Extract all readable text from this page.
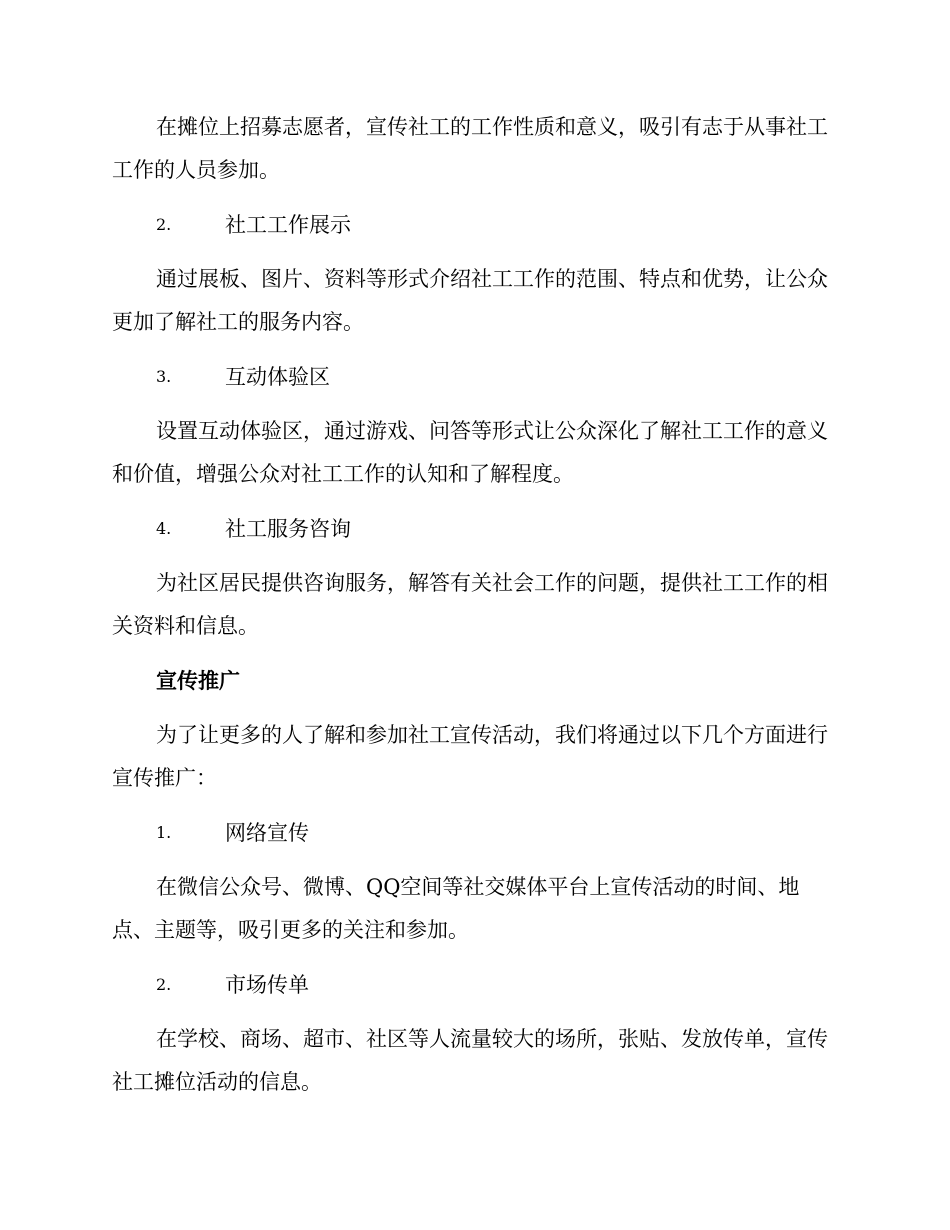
在摊位上招募志愿者，宣传社工的工作性质和意义，吸引有志于从事社工工作的人员参加。

2.	社工工作展示

通过展板、图片、资料等形式介绍社工工作的范围、特点和优势，让公众更加了解社工的服务内容。

3.	互动体验区

设置互动体验区，通过游戏、问答等形式让公众深化了解社工工作的意义和价值，增强公众对社工工作的认知和了解程度。

4.	社工服务咨询

为社区居民提供咨询服务，解答有关社会工作的问题，提供社工工作的相关资料和信息。

宣传推广

为了让更多的人了解和参加社工宣传活动，我们将通过以下几个方面进行宣传推广：

1.	网络宣传

在微信公众号、微博、QQ空间等社交媒体平台上宣传活动的时间、地点、主题等，吸引更多的关注和参加。

2.	市场传单

在学校、商场、超市、社区等人流量较大的场所，张贴、发放传单，宣传社工摊位活动的信息。
